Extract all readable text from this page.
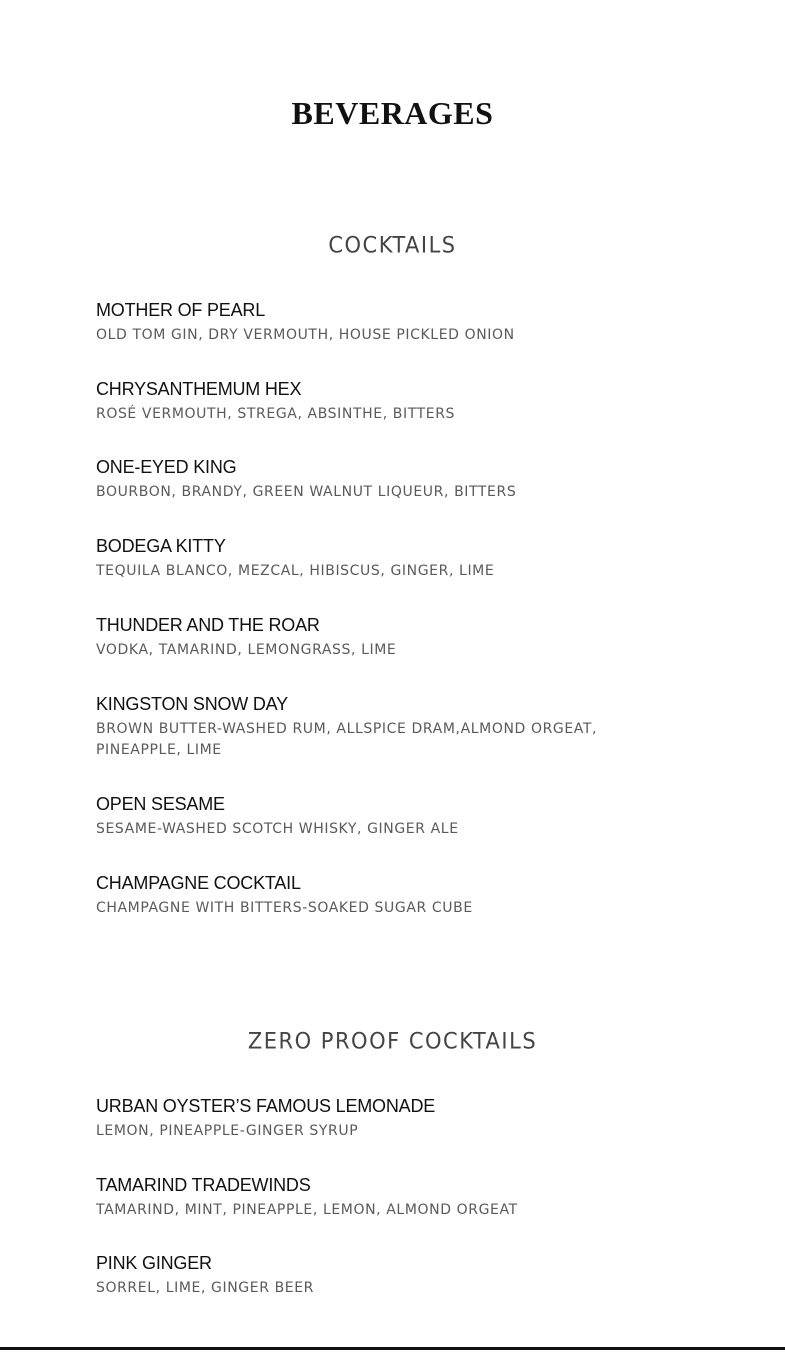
BEVERAGES
COCKTAILS
MOTHER OF PEARL
OLD TOM GIN, DRY VERMOUTH, HOUSE PICKLED ONION
CHRYSANTHEMUM HEX
ROSÉ VERMOUTH, STREGA, ABSINTHE, BITTERS
ONE-EYED KING
BOURBON, BRANDY, GREEN WALNUT LIQUEUR, BITTERS
BODEGA KITTY
TEQUILA BLANCO, MEZCAL, HIBISCUS, GINGER, LIME
THUNDER AND THE ROAR
VODKA, TAMARIND, LEMONGRASS, LIME
KINGSTON SNOW DAY
BROWN BUTTER-WASHED RUM, ALLSPICE DRAM,ALMOND ORGEAT, PINEAPPLE, LIME
OPEN SESAME
SESAME-WASHED SCOTCH WHISKY, GINGER ALE
CHAMPAGNE COCKTAIL
CHAMPAGNE WITH BITTERS-SOAKED SUGAR CUBE
ZERO PROOF COCKTAILS
URBAN OYSTER’S FAMOUS LEMONADE
LEMON, PINEAPPLE-GINGER SYRUP
TAMARIND TRADEWINDS
TAMARIND, MINT, PINEAPPLE, LEMON, ALMOND ORGEAT
PINK GINGER
SORREL, LIME, GINGER BEER
